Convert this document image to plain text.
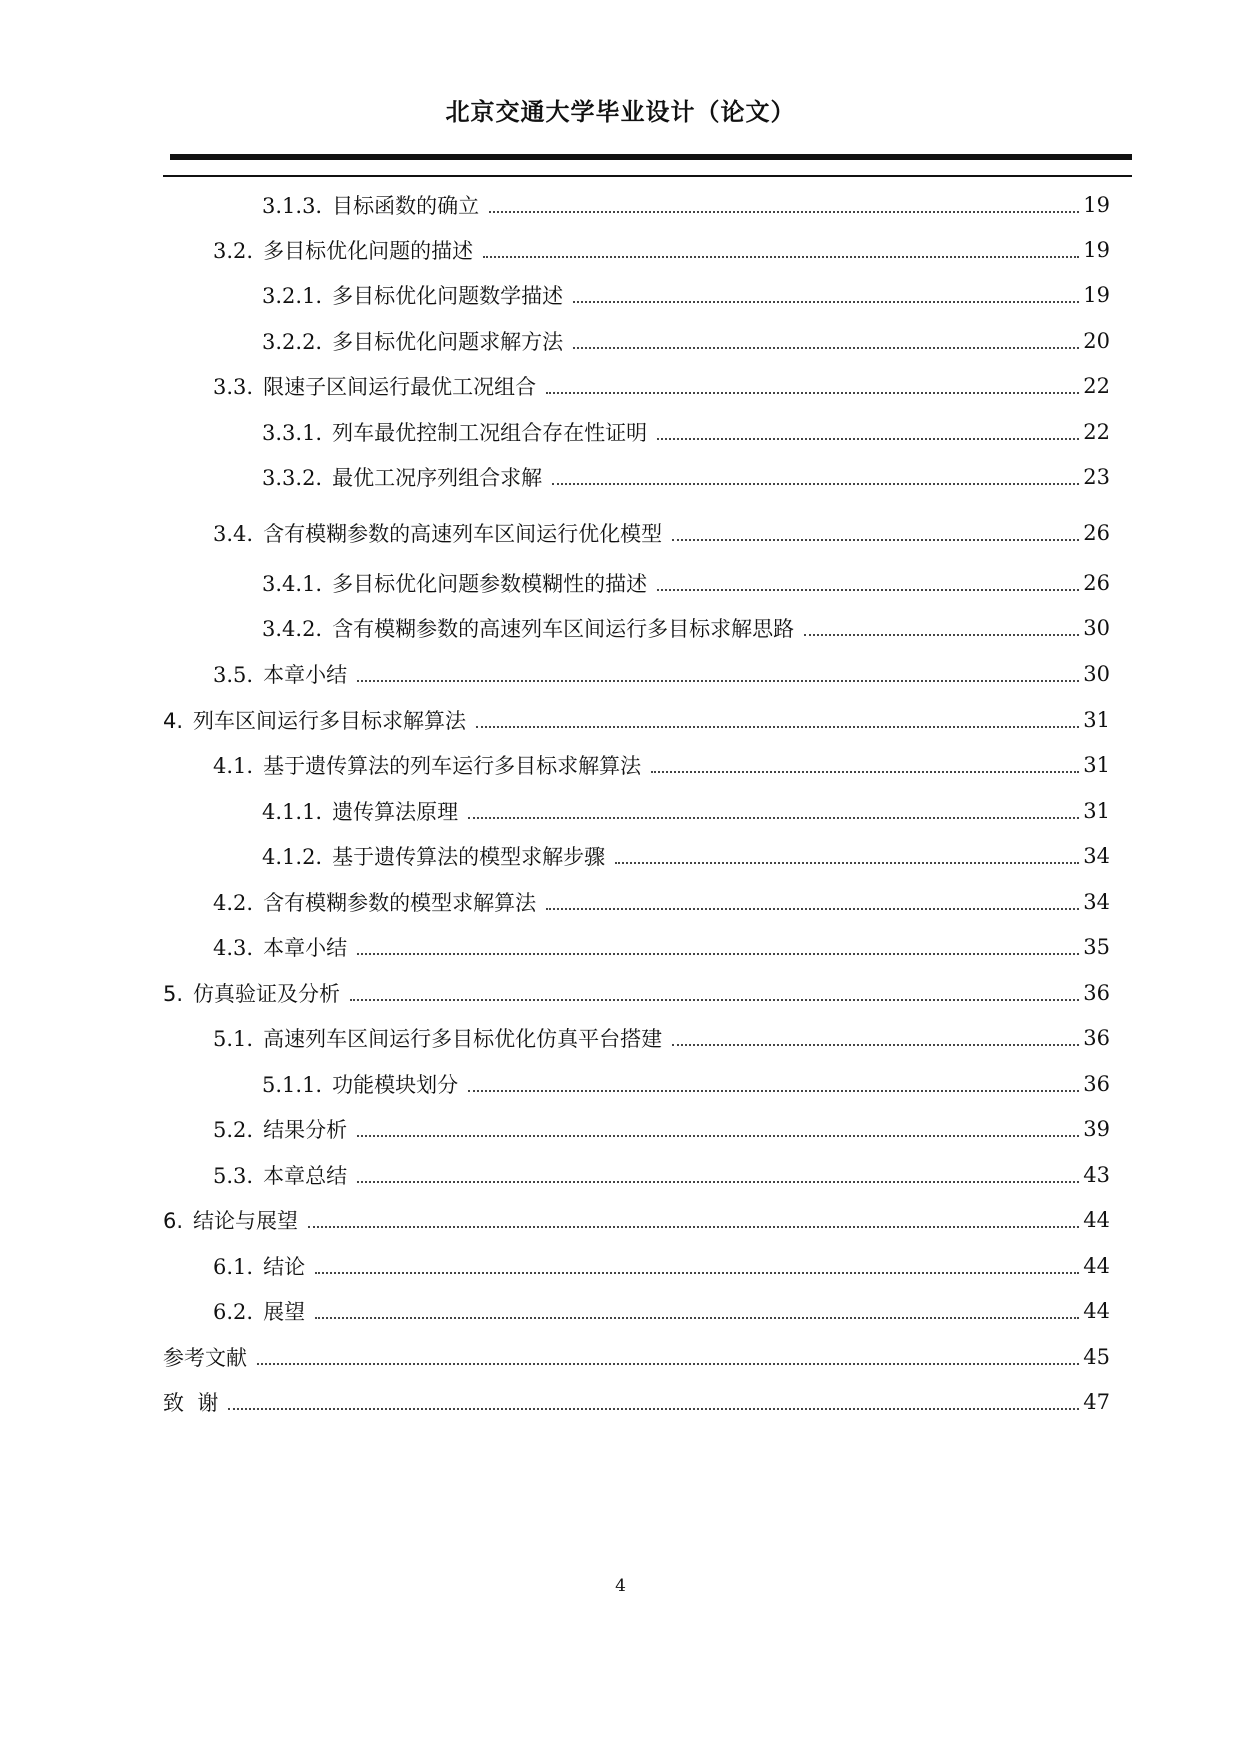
北京交通大学毕业设计（论文）
3.1.3. 目标函数的确立	19
3.2. 多目标优化问题的描述	19
3.2.1. 多目标优化问题数学描述	19
3.2.2. 多目标优化问题求解方法	20
3.3. 限速子区间运行最优工况组合	22
3.3.1. 列车最优控制工况组合存在性证明	22
3.3.2. 最优工况序列组合求解	23
3.4. 含有模糊参数的高速列车区间运行优化模型	26
3.4.1. 多目标优化问题参数模糊性的描述	26
3.4.2. 含有模糊参数的高速列车区间运行多目标求解思路	30
3.5. 本章小结	30
4. 列车区间运行多目标求解算法	31
4.1. 基于遗传算法的列车运行多目标求解算法	31
4.1.1. 遗传算法原理	31
4.1.2. 基于遗传算法的模型求解步骤	34
4.2. 含有模糊参数的模型求解算法	34
4.3. 本章小结	35
5. 仿真验证及分析	36
5.1. 高速列车区间运行多目标优化仿真平台搭建	36
5.1.1. 功能模块划分	36
5.2. 结果分析	39
5.3. 本章总结	43
6. 结论与展望	44
6.1. 结论	44
6.2. 展望	44
参考文献	45
致  谢	47
4
